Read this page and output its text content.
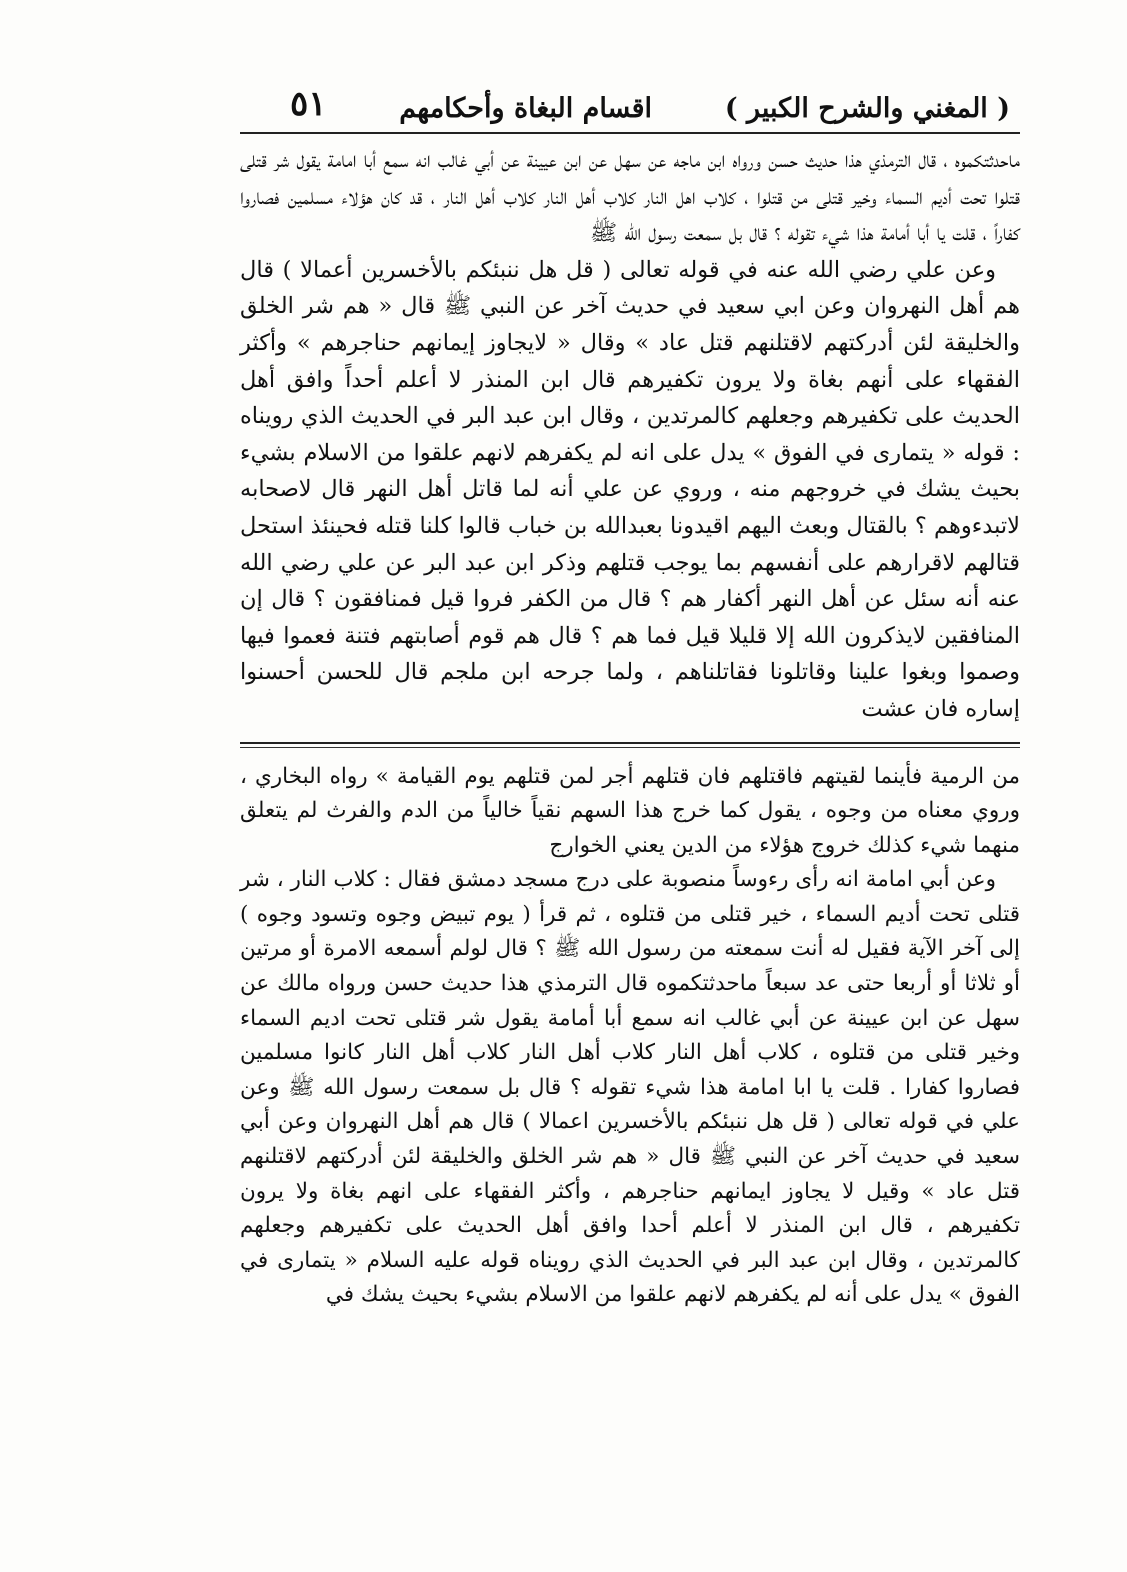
( المغني والشرح الكبير )
اقسام البغاة وأحكامهم
٥١

ماحدثتكموه ، قال الترمذي هذا حديث حسن ورواه ابن ماجه عن سهل عن ابن عيينة عن أبي غالب انه سمع أبا امامة يقول شر قتلى قتلوا تحت أديم السماء وخير قتلى من قتلوا ، كلاب اهل النار كلاب أهل النار كلاب أهل النار ، قد كان هؤلاء مسلمين فصاروا كفاراً ، قلت يا أبا أمامة هذا شيء تقوله ؟ قال بل سمعت رسول الله ﷺ

وعن علي رضي الله عنه في قوله تعالى ( قل هل ننبئكم بالأخسرين أعمالا ) قال هم أهل النهروان وعن ابي سعيد في حديث آخر عن النبي ﷺ قال « هم شر الخلق والخليقة لئن أدركتهم لاقتلنهم قتل عاد » وقال « لايجاوز إيمانهم حناجرهم » وأكثر الفقهاء على أنهم بغاة ولا يرون تكفيرهم قال ابن المنذر لا أعلم أحداً وافق أهل الحديث على تكفيرهم وجعلهم كالمرتدين ، وقال ابن عبد البر في الحديث الذي رويناه : قوله « يتمارى في الفوق » يدل على انه لم يكفرهم لانهم علقوا من الاسلام بشيء بحيث يشك في خروجهم منه ، وروي عن علي أنه لما قاتل أهل النهر قال لاصحابه لاتبدءوهم ؟ بالقتال وبعث اليهم اقيدونا بعبدالله بن خباب قالوا كلنا قتله فحينئذ استحل قتالهم لاقرارهم على أنفسهم بما يوجب قتلهم وذكر ابن عبد البر عن علي رضي الله عنه أنه سئل عن أهل النهر أكفار هم ؟ قال من الكفر فروا قيل فمنافقون ؟ قال إن المنافقين لايذكرون الله إلا قليلا قيل فما هم ؟ قال هم قوم أصابتهم فتنة فعموا فيها وصموا وبغوا علينا وقاتلونا فقاتلناهم ، ولما جرحه ابن ملجم قال للحسن أحسنوا إساره فان عشت

من الرمية فأينما لقيتهم فاقتلهم فان قتلهم أجر لمن قتلهم يوم القيامة » رواه البخاري ، وروي معناه من وجوه ، يقول كما خرج هذا السهم نقياً خالياً من الدم والفرث لم يتعلق منهما شيء كذلك خروج هؤلاء من الدين يعني الخوارج

وعن أبي امامة انه رأى رءوساً منصوبة على درج مسجد دمشق فقال : كلاب النار ، شر قتلى تحت أديم السماء ، خير قتلى من قتلوه ، ثم قرأ ( يوم تبيض وجوه وتسود وجوه ) إلى آخر الآية فقيل له أنت سمعته من رسول الله ﷺ ؟ قال لولم أسمعه الامرة أو مرتين أو ثلاثا أو أربعا حتى عد سبعاً ماحدثتكموه قال الترمذي هذا حديث حسن ورواه مالك عن سهل عن ابن عيينة عن أبي غالب انه سمع أبا أمامة يقول شر قتلى تحت اديم السماء وخير قتلى من قتلوه ، كلاب أهل النار كلاب أهل النار كلاب أهل النار كانوا مسلمين فصاروا كفارا . قلت يا ابا امامة هذا شيء تقوله ؟ قال بل سمعت رسول الله ﷺ وعن علي في قوله تعالى ( قل هل ننبئكم بالأخسرين اعمالا ) قال هم أهل النهروان وعن أبي سعيد في حديث آخر عن النبي ﷺ قال « هم شر الخلق والخليقة لئن أدركتهم لاقتلنهم قتل عاد » وقيل لا يجاوز ايمانهم حناجرهم ، وأكثر الفقهاء على انهم بغاة ولا يرون تكفيرهم ، قال ابن المنذر لا أعلم أحدا وافق أهل الحديث على تكفيرهم وجعلهم كالمرتدين ، وقال ابن عبد البر في الحديث الذي رويناه قوله عليه السلام « يتمارى في الفوق » يدل على أنه لم يكفرهم لانهم علقوا من الاسلام بشيء بحيث يشك في
